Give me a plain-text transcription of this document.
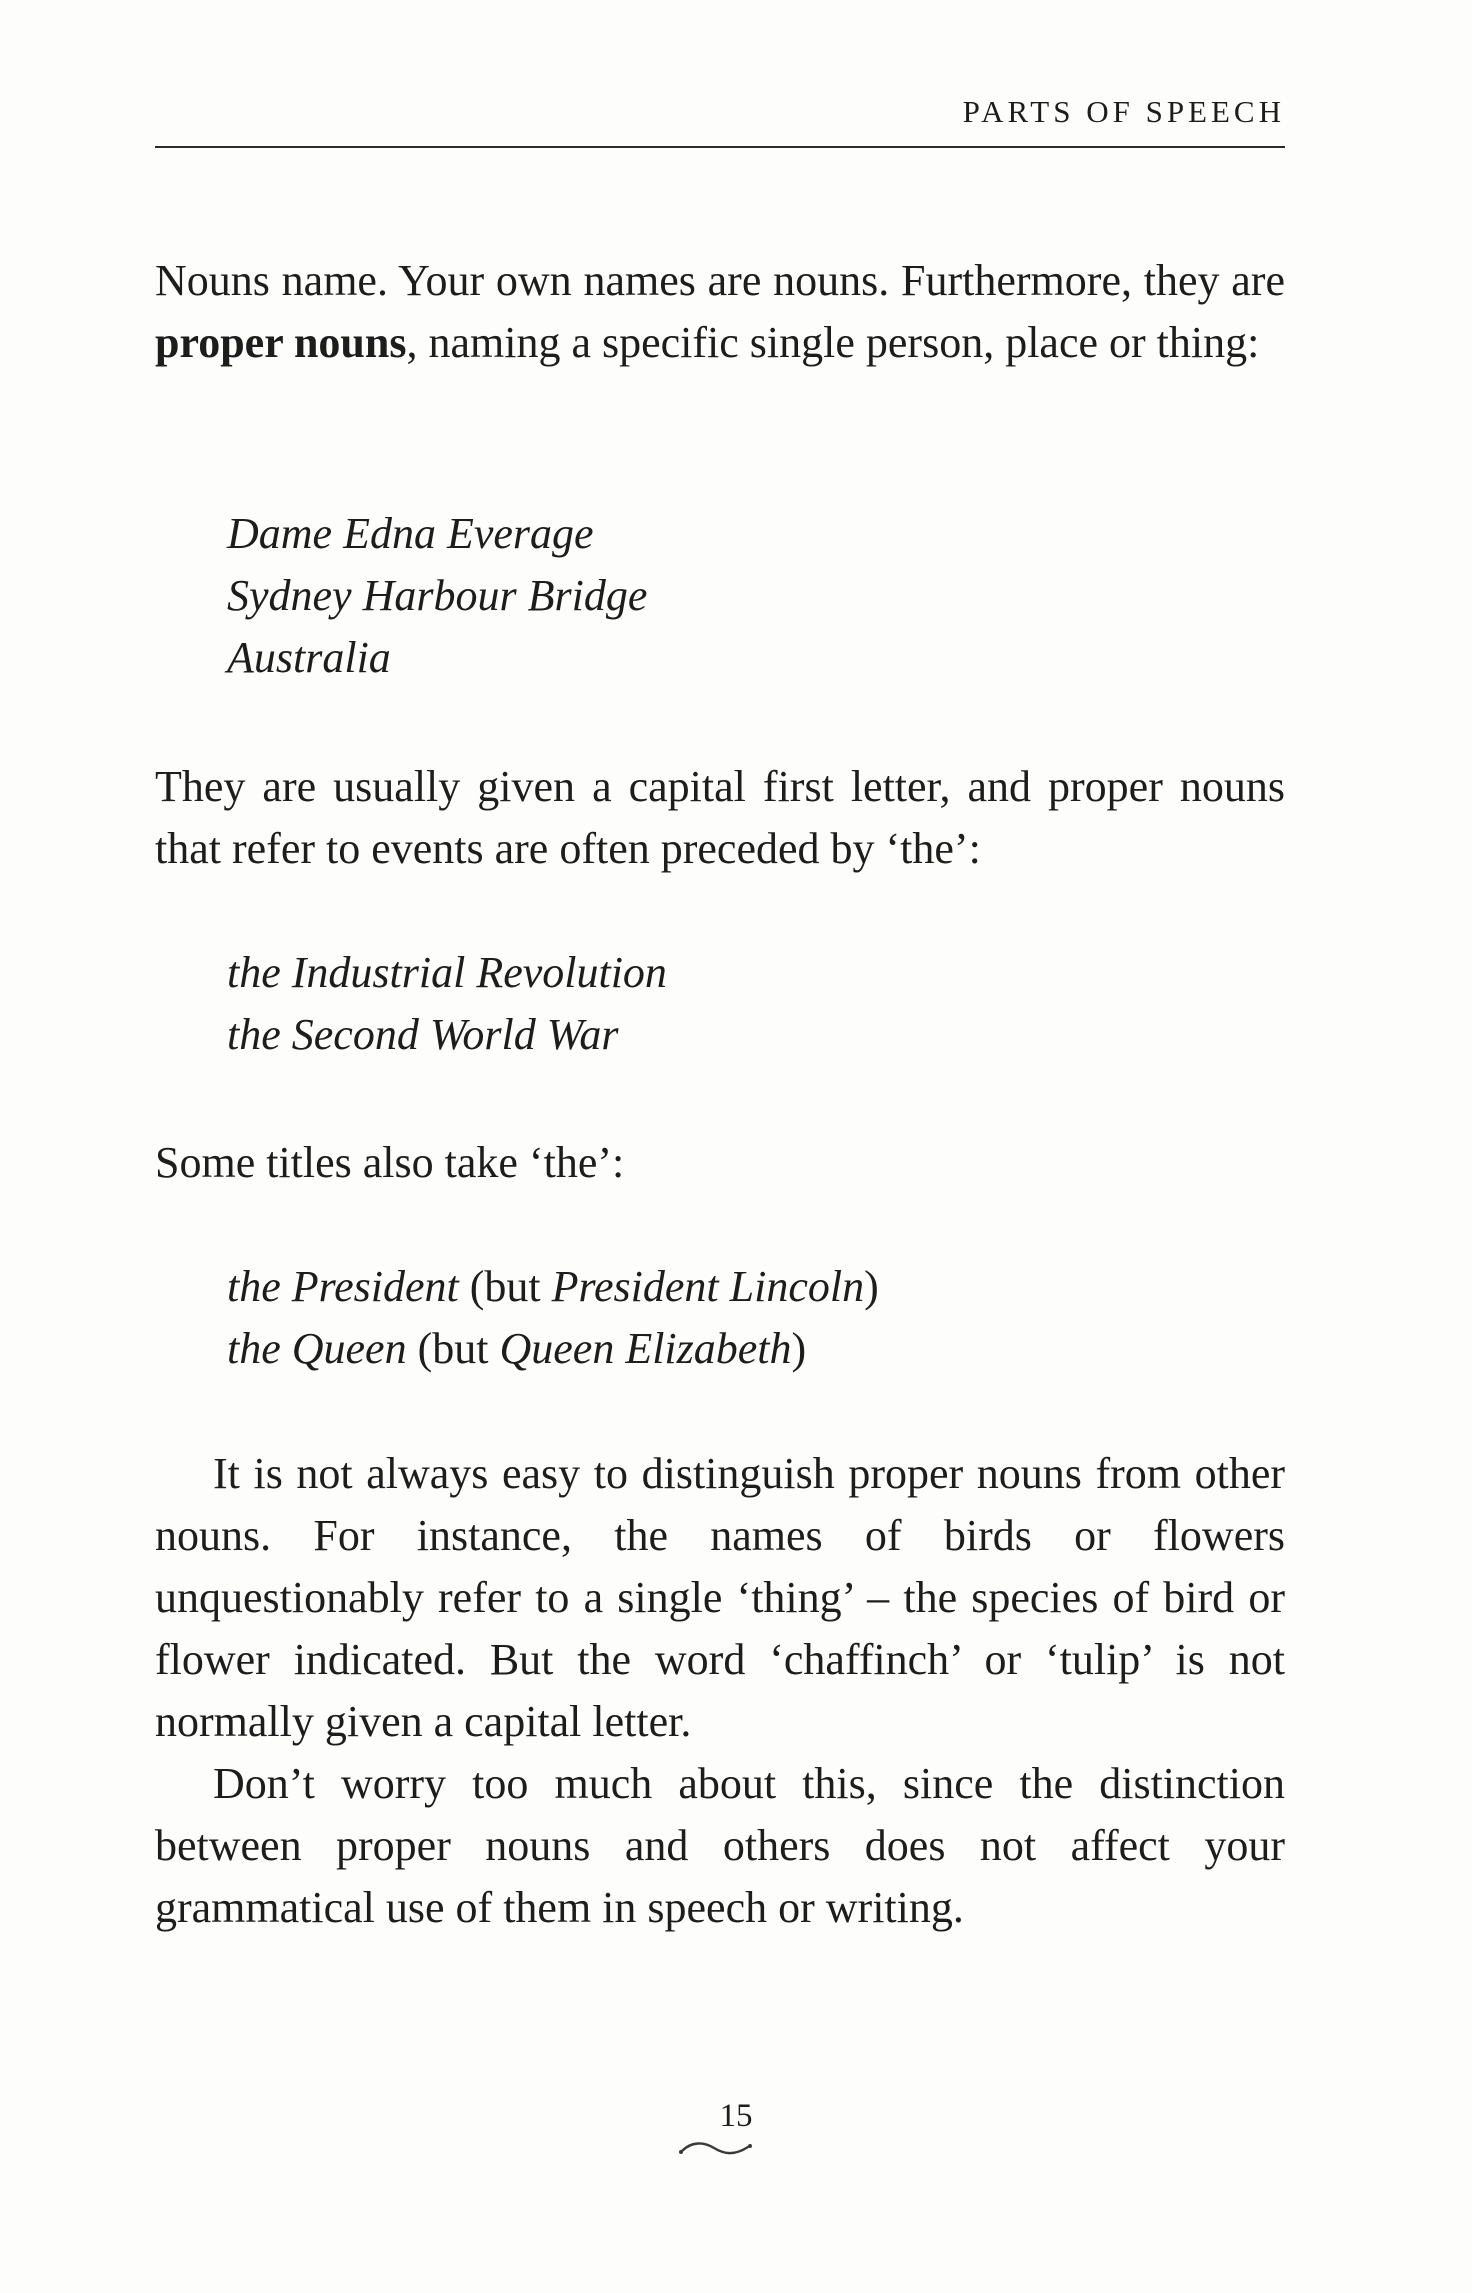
PARTS OF SPEECH

Nouns name. Your own names are nouns. Furthermore, they are proper nouns, naming a specific single person, place or thing:

Dame Edna Everage
Sydney Harbour Bridge
Australia

They are usually given a capital first letter, and proper nouns that refer to events are often preceded by ‘the’:

the Industrial Revolution
the Second World War

Some titles also take ‘the’:

the President (but President Lincoln)
the Queen (but Queen Elizabeth)

It is not always easy to distinguish proper nouns from other nouns. For instance, the names of birds or flowers unquestionably refer to a single ‘thing’ – the species of bird or flower indicated. But the word ‘chaffinch’ or ‘tulip’ is not normally given a capital letter.

Don’t worry too much about this, since the distinction between proper nouns and others does not affect your grammatical use of them in speech or writing.

15
